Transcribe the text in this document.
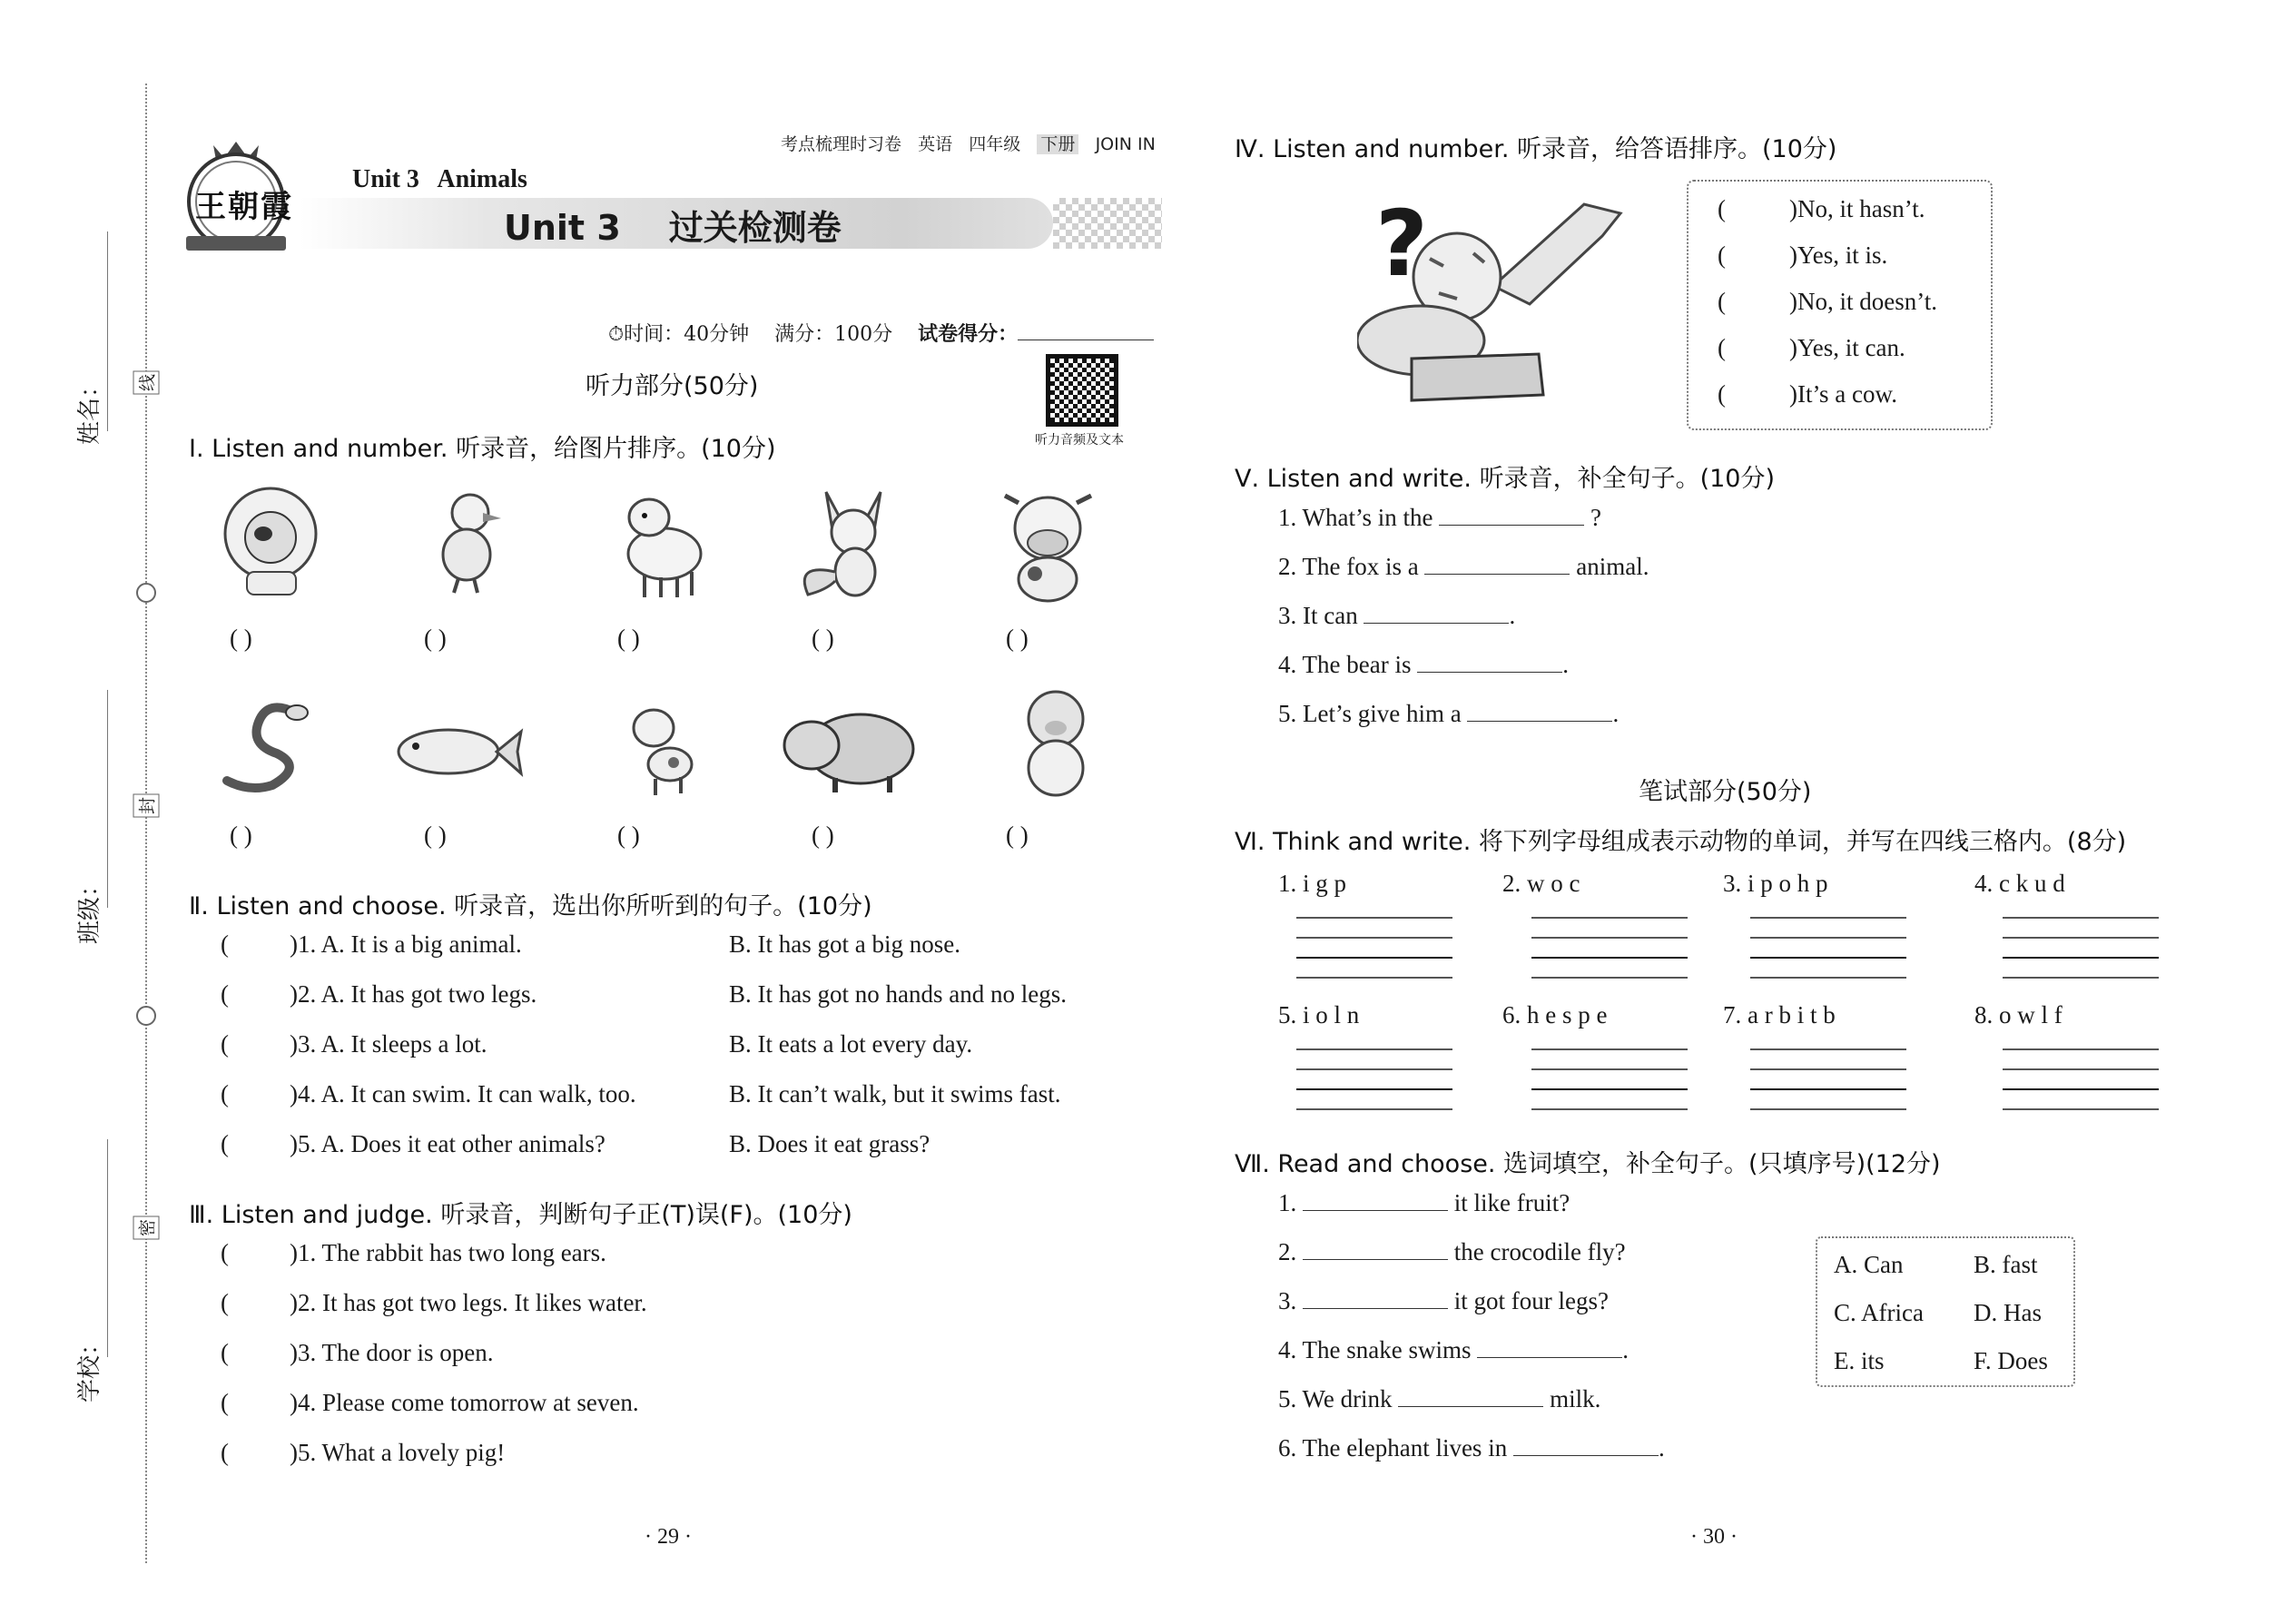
姓名：
班级：
学校：
线
封
密
考点梳理时习卷 英语 四年级 下册 JOIN IN
王朝霞
Unit 3   Animals
Unit 3    过关检测卷

⏱时间：40分钟    满分：100分 试卷得分：

听力部分(50分)
听力音频及文本
Ⅰ. Listen and number. 听录音，给图片排序。(10分)
( )	( )	( )	( )	( )
( )	( )	( )	( )	( )
Ⅱ. Listen and choose. 听录音，选出你所听到的句子。(10分)
( )1. A. It is a big animal.	B. It has got a big nose.
( )2. A. It has got two legs.	B. It has got no hands and no legs.
( )3. A. It sleeps a lot.	B. It eats a lot every day.
( )4. A. It can swim. It can walk, too.	B. It can’t walk, but it swims fast.
( )5. A. Does it eat other animals?	B. Does it eat grass?
Ⅲ. Listen and judge. 听录音，判断句子正(T)误(F)。(10分)
( )1. The rabbit has two long ears.
( )2. It has got two legs. It likes water.
( )3. The door is open.
( )4. Please come tomorrow at seven.
( )5. What a lovely pig!
· 29 ·
Ⅳ. Listen and number. 听录音，给答语排序。(10分)
?	(	)No, it hasn’t.
(	)Yes, it is.
(	)No, it doesn’t.
(	)Yes, it can.
(	)It’s a cow.
Ⅴ. Listen and write. 听录音，补全句子。(10分)
1. What’s in the	?
2. The fox is a	animal.
3. It can	.
4. The bear is	.
5. Let’s give him a	.
笔试部分(50分)
Ⅵ. Think and write. 将下列字母组成表示动物的单词，并写在四线三格内。(8分)
1. i g p	2. w o c	3. i p o h p	4. c k u d
5. i o l n	6. h e s p e	7. a r b i t b	8. o w l f
Ⅶ. Read and choose. 选词填空，补全句子。(只填序号)(12分)
1.	it like fruit?
2.	the crocodile fly?
3.	it got four legs?
4. The snake swims	.
5. We drink	milk.
6. The elephant lives in	.
A. Can	B. fast
C. Africa D. Has
E. its	F. Does
· 30 ·
